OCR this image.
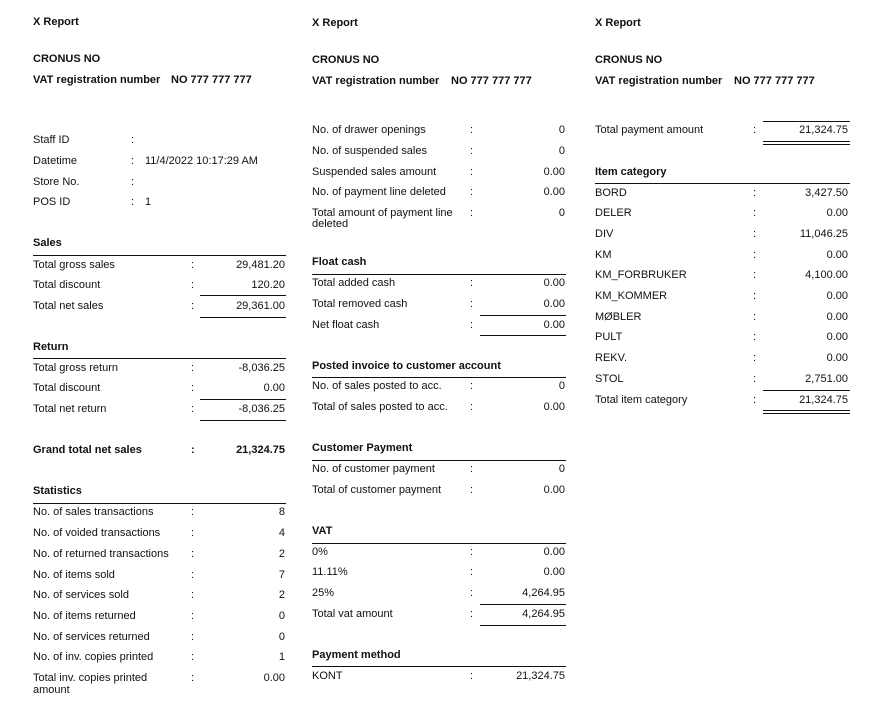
X Report
CRONUS NO
VAT registration number NO 777 777 777
Staff ID	:
Datetime	: 11/4/2022 10:17:29 AM
Store No.	:
POS ID	: 1
Sales
Total gross sales	:	29,481.20
Total discount	:	120.20
Total net sales	:	29,361.00
Return
Total gross return	:	-8,036.25
Total discount	:	0.00
Total net return	:	-8,036.25
Grand total net sales	:	21,324.75
Statistics
No. of sales transactions	:	8
No. of voided transactions	:	4
No. of returned transactions :	2
No. of items sold	:	7
No. of services sold	:	2
No. of items returned	:	0
No. of services returned	:	0
No. of inv. copies printed	:	1
Total inv. copies printed
amount
:	0.00
X Report
CRONUS NO
VAT registration number NO 777 777 777
No. of drawer openings	:	0
No. of suspended sales	:	0
Suspended sales amount	:	0.00
No. of payment line deleted :	0.00
Total amount of payment line
deleted
:	0
Float cash
Total added cash	:	0.00
Total removed cash	:	0.00
Net float cash	:	0.00
Posted invoice to customer account
No. of sales posted to acc.	:	0
Total of sales posted to acc. :	0.00
Customer Payment
No. of customer payment	:	0
Total of customer payment	:	0.00
VAT
0%	:	0.00
11.11%	:	0.00
25%	:	4,264.95
Total vat amount	:	4,264.95
Payment method
KONT	:	21,324.75
X Report
CRONUS NO
VAT registration number NO 777 777 777
Total payment amount	:	21,324.75
Item category
BORD	:	3,427.50
DELER	:	0.00
DIV	:	11,046.25
KM	:	0.00
KM_FORBRUKER	:	4,100.00
KM_KOMMER	:	0.00
MØBLER	:	0.00
PULT	:	0.00
REKV.	:	0.00
STOL	:	2,751.00
Total item category	:	21,324.75
